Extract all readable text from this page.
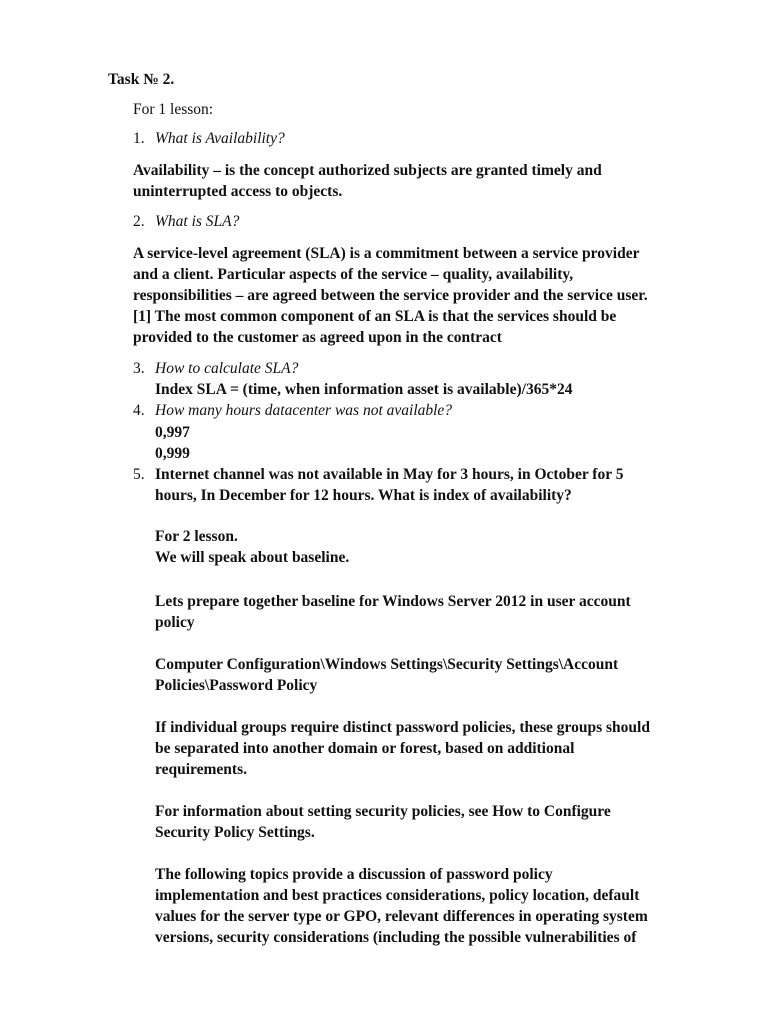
Task № 2.
For 1 lesson:
1. What is Availability?
Availability – is the concept authorized subjects are granted timely and
uninterrupted access to objects.
2. What is SLA?
A service-level agreement (SLA) is a commitment between a service provider
and a client. Particular aspects of the service – quality, availability,
responsibilities – are agreed between the service provider and the service user.
[1] The most common component of an SLA is that the services should be
provided to the customer as agreed upon in the contract
3. How to calculate SLA?
Index SLA = (time, when information asset is available)/365*24
4. How many hours datacenter was not available?
0,997
0,999
5. Internet channel was not available in May for 3 hours, in October for 5
hours, In December for 12 hours. What is index of availability?
For 2 lesson.
We will speak about baseline.
Lets prepare together baseline for Windows Server 2012 in user account
policy
Computer Configuration\Windows Settings\Security Settings\Account
Policies\Password Policy
If individual groups require distinct password policies, these groups should
be separated into another domain or forest, based on additional
requirements.
For information about setting security policies, see How to Configure
Security Policy Settings.
The following topics provide a discussion of password policy
implementation and best practices considerations, policy location, default
values for the server type or GPO, relevant differences in operating system
versions, security considerations (including the possible vulnerabilities of
